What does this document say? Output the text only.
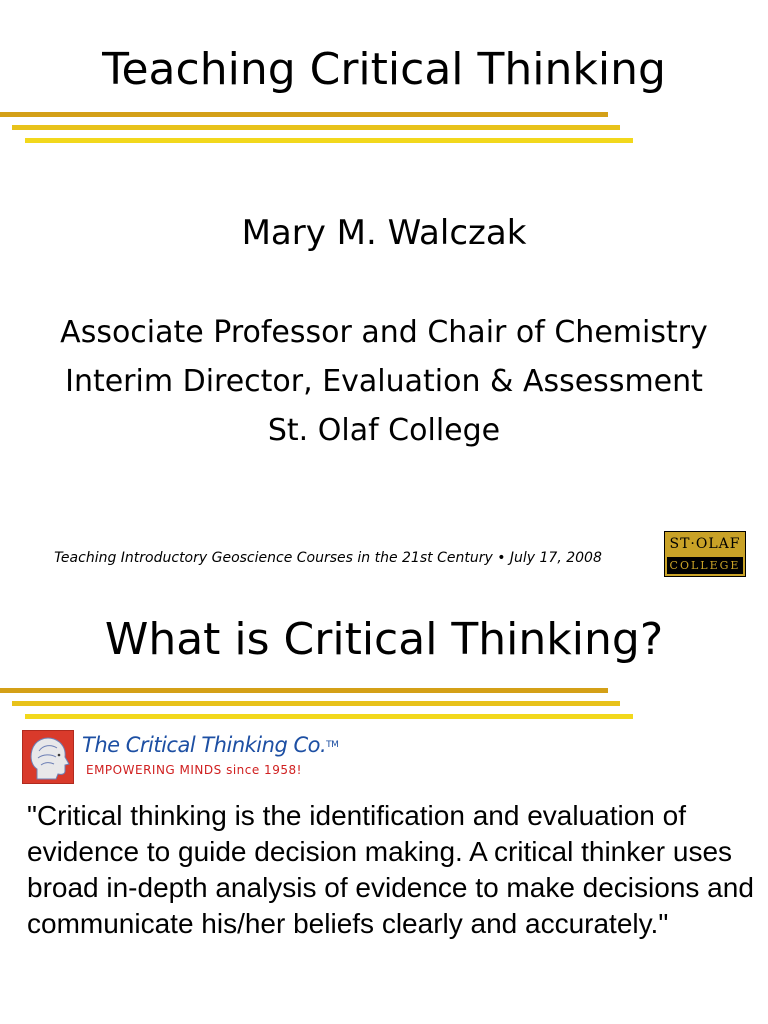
Teaching Critical Thinking
Mary M. Walczak
Associate Professor and Chair of Chemistry
Interim Director, Evaluation & Assessment
St. Olaf College
Teaching Introductory Geoscience Courses in the 21st Century • July 17, 2008
ST·OLAF
COLLEGE
What is Critical Thinking?
The Critical Thinking Co.™
EMPOWERING MINDS since 1958!
"Critical thinking is the identification and evaluation of evidence to guide decision making. A critical thinker uses broad in-depth analysis of evidence to make decisions and communicate his/her beliefs clearly and accurately."
